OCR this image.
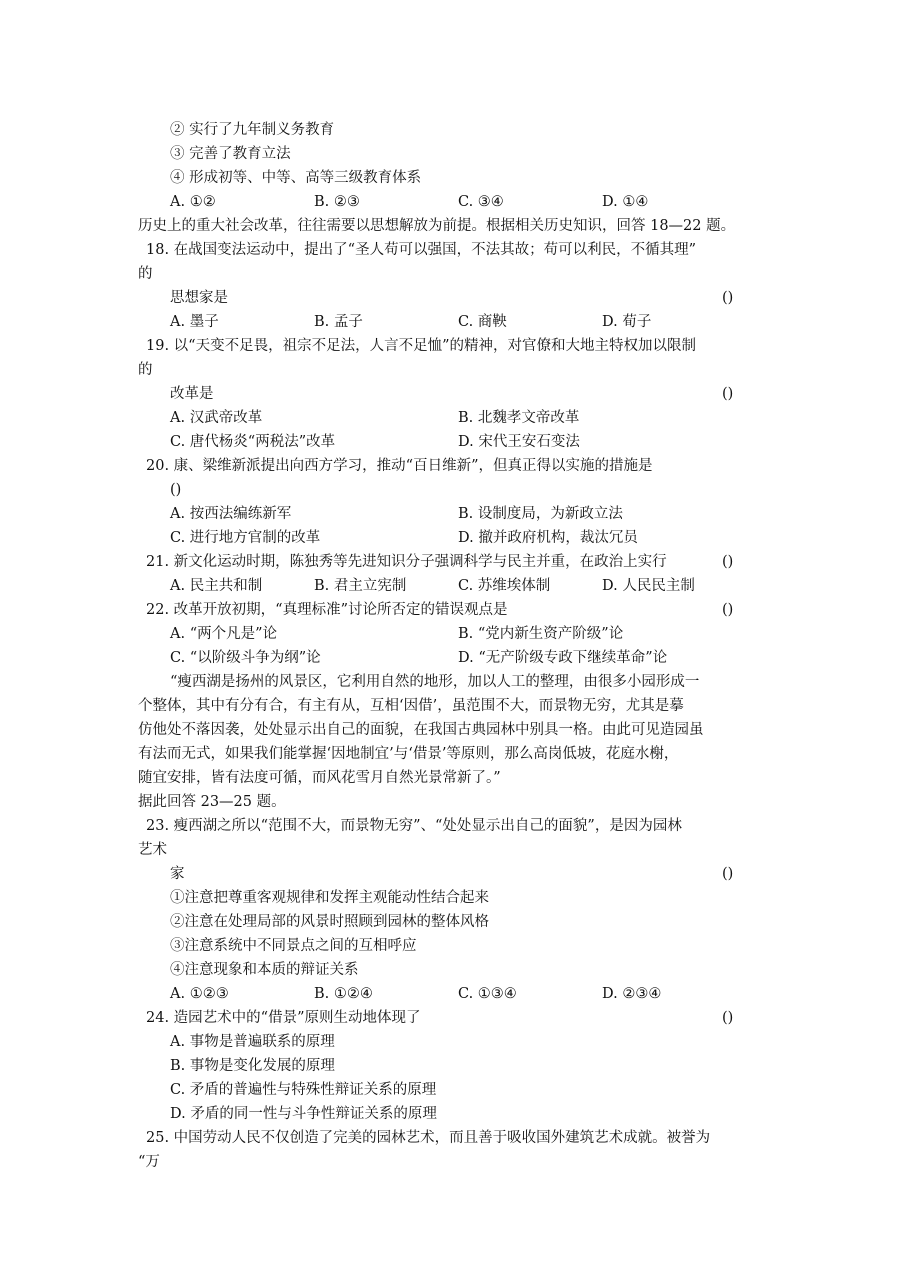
② 实行了九年制义务教育
③ 完善了教育立法
④ 形成初等、中等、高等三级教育体系
A. ①②	B. ②③	C. ③④	D. ①④
历史上的重大社会改革，往往需要以思想解放为前提。根据相关历史知识，回答 18—22 题。
18. 在战国变法运动中，提出了“圣人苟可以强国，不法其故；苟可以利民，不循其理”
的
思想家是	()
A. 墨子	B. 孟子	C. 商鞅	D. 荀子
19. 以“天变不足畏，祖宗不足法，人言不足恤”的精神，对官僚和大地主特权加以限制
的
改革是	()
A. 汉武帝改革	B. 北魏孝文帝改革
C. 唐代杨炎“两税法”改革	D. 宋代王安石变法
20. 康、梁维新派提出向西方学习，推动“百日维新”，但真正得以实施的措施是
()
A. 按西法编练新军	B. 设制度局，为新政立法
C. 进行地方官制的改革	D. 撤并政府机构，裁汰冗员
21. 新文化运动时期，陈独秀等先进知识分子强调科学与民主并重，在政治上实行	()
A. 民主共和制	B. 君主立宪制	C. 苏维埃体制	D. 人民民主制
22. 改革开放初期，“真理标准”讨论所否定的错误观点是	()
A. “两个凡是”论	B. “党内新生资产阶级”论
C. “以阶级斗争为纲”论	D. “无产阶级专政下继续革命”论
“瘦西湖是扬州的风景区，它利用自然的地形，加以人工的整理，由很多小园形成一
个整体，其中有分有合，有主有从，互相‘因借’，虽范围不大，而景物无穷，尤其是摹
仿他处不落因袭，处处显示出自己的面貌，在我国古典园林中别具一格。由此可见造园虽
有法而无式，如果我们能掌握‘因地制宜’与‘借景’等原则，那么高岗低坡，花庭水榭，
随宜安排，皆有法度可循，而风花雪月自然光景常新了。”
据此回答 23—25 题。
23. 瘦西湖之所以“范围不大，而景物无穷”、“处处显示出自己的面貌”，是因为园林
艺术
家	()
①注意把尊重客观规律和发挥主观能动性结合起来
②注意在处理局部的风景时照顾到园林的整体风格
③注意系统中不同景点之间的互相呼应
④注意现象和本质的辩证关系
A. ①②③	B. ①②④	C. ①③④	D. ②③④
24. 造园艺术中的“借景”原则生动地体现了	()
A. 事物是普遍联系的原理
B. 事物是变化发展的原理
C. 矛盾的普遍性与特殊性辩证关系的原理
D. 矛盾的同一性与斗争性辩证关系的原理
25. 中国劳动人民不仅创造了完美的园林艺术，而且善于吸收国外建筑艺术成就。被誉为
“万
